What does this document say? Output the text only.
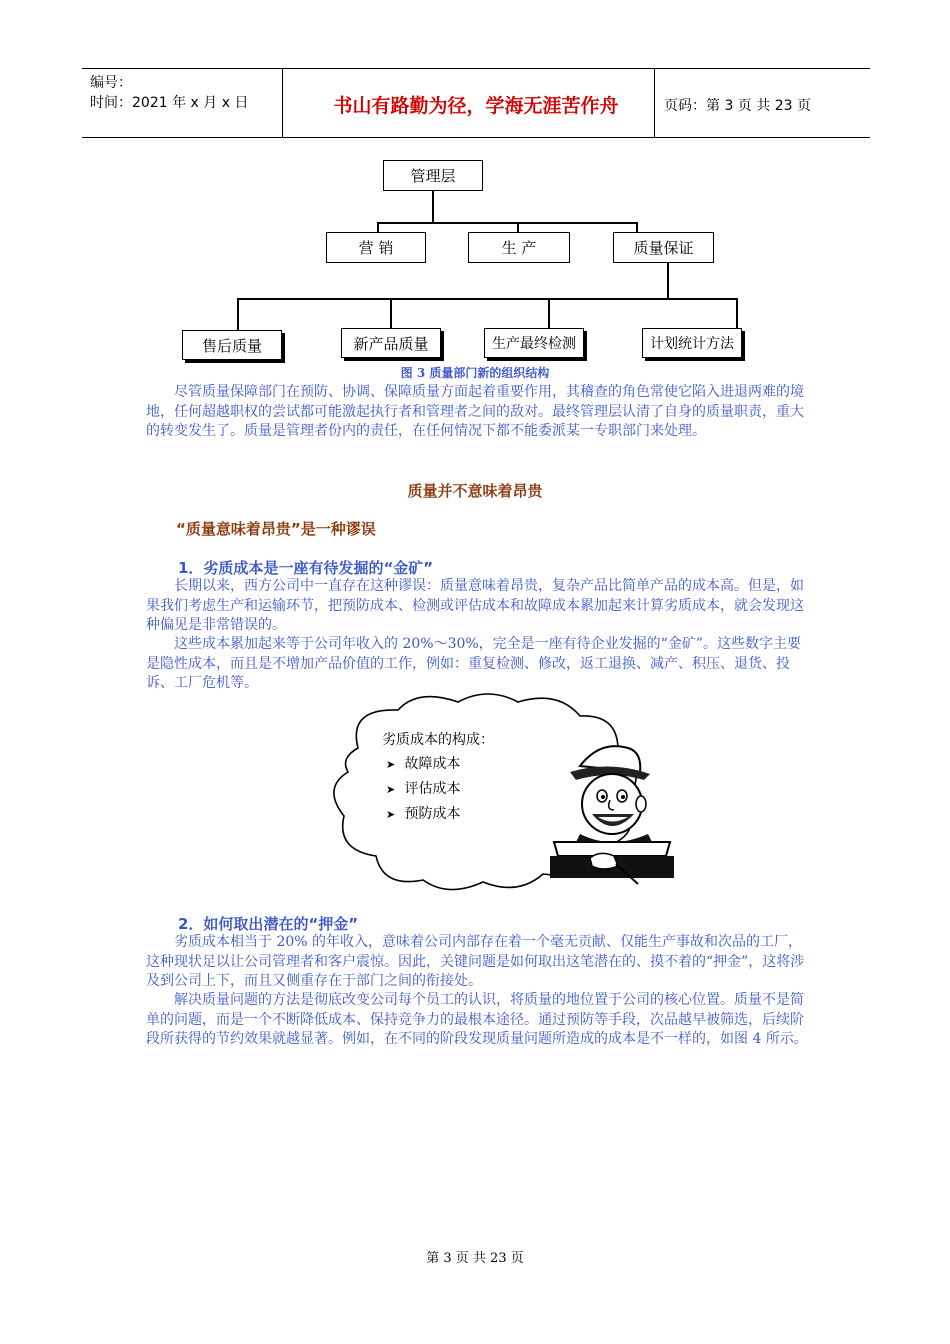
编号：
时间：2021 年 x 月 x 日	书山有路勤为径，学海无涯苦作舟	页码：第 3 页 共 23 页
管理层
营 销	生 产	质量保证
售后质量	新产品质量	生产最终检测	计划统计方法
图 3 质量部门新的组织结构

尽管质量保障部门在预防、协调、保障质量方面起着重要作用，其稽查的角色常使它陷入进退两难的境地，任何超越职权的尝试都可能激起执行者和管理者之间的敌对。最终管理层认清了自身的质量职责，重大的转变发生了。质量是管理者份内的责任，在任何情况下都不能委派某一专职部门来处理。

质量并不意味着昂贵
“质量意味着昂贵”是一种谬误
1．劣质成本是一座有待发掘的“金矿”

长期以来，西方公司中一直存在这种谬误：质量意味着昂贵，复杂产品比简单产品的成本高。但是，如果我们考虑生产和运输环节，把预防成本、检测或评估成本和故障成本累加起来计算劣质成本，就会发现这种偏见是非常错误的。

这些成本累加起来等于公司年收入的 20%～30%，完全是一座有待企业发掘的“金矿”。这些数字主要是隐性成本，而且是不增加产品价值的工作，例如：重复检测、修改，返工退换、减产、积压、退货、投诉、工厂危机等。

劣质成本的构成：
➤ 故障成本
➤ 评估成本
➤ 预防成本
2．如何取出潜在的“押金”

劣质成本相当于 20% 的年收入，意味着公司内部存在着一个毫无贡献、仅能生产事故和次品的工厂，这种现状足以让公司管理者和客户震惊。因此，关键问题是如何取出这笔潜在的、摸不着的“押金”，这将涉及到公司上下，而且又侧重存在于部门之间的衔接处。

解决质量问题的方法是彻底改变公司每个员工的认识，将质量的地位置于公司的核心位置。质量不是简单的问题，而是一个不断降低成本、保持竞争力的最根本途径。通过预防等手段，次品越早被筛选，后续阶段所获得的节约效果就越显著。例如，在不同的阶段发现质量问题所造成的成本是不一样的，如图 4 所示。

第 3 页 共 23 页
